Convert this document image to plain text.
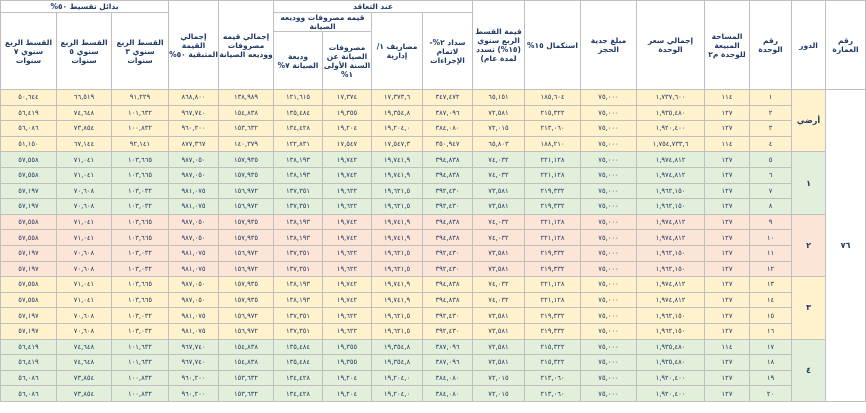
رقم العمارة	الدور	رقم الوحدة	المساحة المبيعة للوحدة م٢	إجمالي سعر الوحدة	مبلغ جدية الحجز	استكمال ١٥%	قيمة القسط الربع سنوي (١٥%) تسدد لمدة عام)	عند التعاقد				إجمالي قيمه مصروفات ووديعه الصيانة	إجمالي القيمة المتبقية ٥٠%	بدائل تقسيط ٥٠%		
								سداد ٢%- لاتمام الإجراءات	مصاريف ١/ إدارية	قيمه مصروفات ووديعه الصيانة				القسط الربع سنوي ٣ سنوات	القسط الربع سنوي ٥ سنوات	القسط الربع سنوي ٧ سنوات
										مصروفات الصيانة عن السنة الأولى ١%	وديعة الصيانة ٧%					
٧٦	أرضي	١	١١٤	١,٧٣٧,٦٠٠	٧٥,٠٠٠	١٨٥,٦٠٤	٦٥,١٥١	٣٤٧,٤٧٢	١٧,٣٧٣,٦	١٧,٣٧٤	١٢١,٦١٥	١٣٨,٩٨٩	٨٦٨,٨٠٠	٩١,٢٢٩	٦٦,٥١٩	٥٠,٦٤٤
		٢	١٢٧	١,٩٣٥,٤٨٠	٧٥,٠٠٠	٢١٥,٣٢٢	٧٢,٥٨١	٣٨٧,٠٩٦	١٩,٣٥٤,٨	١٩,٣٥٥	١٣٥,٤٨٤	١٥٤,٨٣٨	٩٦٧,٧٤٠	١٠١,٦٣٢	٧٤,٦٤٨	٥٦,٤١٩
		٣	١٢٧	١,٩٢٠,٤٠٠	٧٥,٠٠٠	٢١٣,٠٦٠	٧٢,٠١٥	٣٨٤,٠٨٠	١٩,٢٠٤,٠	١٩,٢٠٤	١٣٤,٤٢٨	١٥٣,٦٣٢	٩٦٠,٢٠٠	١٠٠,٨٣٢	٧٣,٨٥٤	٥٦,٠٨٦
		٤	١١٤	١,٧٥٤,٧٣٣,٦	٧٥,٠٠٠	١٨٨,٢١٠	٦٥,٨٠٣	٣٥٠,٩٤٧	١٧,٥٤٧,٣	١٧,٥٤٧	١٢٢,٨٣١	١٤٠,٣٧٩	٨٧٧,٣٦٧	٩٢,١٤١	٦٧,١٤٤	٥١,١٥٠
	١	٥	١٢٧	١,٩٧٤,٨١٢	٧٥,٠٠٠	٢٢١,١٢٨	٧٤,٠٣٢	٣٩٤,٨٣٨	١٩,٧٤١,٩	١٩,٧٤٢	١٣٨,١٩٣	١٥٧,٩٣٥	٩٨٧,٠٥٠	١٠٣,٦٦٥	٧١,٠٤١	٥٧,٥٥٨
		٦	١٢٧	١,٩٧٤,٨١٢	٧٥,٠٠٠	٢٢١,١٢٨	٧٤,٠٣٢	٣٩٤,٨٣٨	١٩,٧٤١,٩	١٩,٧٤٢	١٣٨,١٩٣	١٥٧,٩٣٥	٩٨٧,٠٥٠	١٠٣,٦٦٥	٧١,٠٤١	٥٧,٥٥٨
		٧	١٢٧	١,٩٦٢,١٥٠	٧٥,٠٠٠	٢١٩,٣٣٢	٧٣,٥٨١	٣٩٢,٤٣٠	١٩,٦٢١,٥	١٩,٦٢٢	١٣٧,٣٥١	١٥٦,٩٧٢	٩٨١,٠٧٥	١٠٣,٠٣٢	٧٠,٦٠٨	٥٧,١٩٧
		٨	١٢٧	١,٩٦٢,١٥٠	٧٥,٠٠٠	٢١٩,٣٣٢	٧٣,٥٨١	٣٩٢,٤٣٠	١٩,٦٢١,٥	١٩,٦٢٢	١٣٧,٣٥١	١٥٦,٩٧٢	٩٨١,٠٧٥	١٠٣,٠٣٢	٧٠,٦٠٨	٥٧,١٩٧
	٢	٩	١٢٧	١,٩٧٤,٨١٢	٧٥,٠٠٠	٢٢١,١٢٨	٧٤,٠٣٢	٣٩٤,٨٣٨	١٩,٧٤١,٩	١٩,٧٤٢	١٣٨,١٩٣	١٥٧,٩٣٥	٩٨٧,٠٥٠	١٠٣,٦٦٥	٧١,٠٤١	٥٧,٥٥٨
		١٠	١٢٧	١,٩٧٤,٨١٢	٧٥,٠٠٠	٢٢١,١٢٨	٧٤,٠٣٢	٣٩٤,٨٣٨	١٩,٧٤١,٩	١٩,٧٤٢	١٣٨,١٩٣	١٥٧,٩٣٥	٩٨٧,٠٥٠	١٠٣,٦٦٥	٧١,٠٤١	٥٧,٥٥٨
		١١	١٢٧	١,٩٦٢,١٥٠	٧٥,٠٠٠	٢١٩,٣٣٢	٧٣,٥٨١	٣٩٢,٤٣٠	١٩,٦٢١,٥	١٩,٦٢٢	١٣٧,٣٥١	١٥٦,٩٧٢	٩٨١,٠٧٥	١٠٣,٠٣٢	٧٠,٦٠٨	٥٧,١٩٧
		١٢	١٢٧	١,٩٦٢,١٥٠	٧٥,٠٠٠	٢١٩,٣٣٢	٧٣,٥٨١	٣٩٢,٤٣٠	١٩,٦٢١,٥	١٩,٦٢٢	١٣٧,٣٥١	١٥٦,٩٧٢	٩٨١,٠٧٥	١٠٣,٠٣٢	٧٠,٦٠٨	٥٧,١٩٧
	٣	١٣	١٢٧	١,٩٧٤,٨١٢	٧٥,٠٠٠	٢٢١,١٢٨	٧٤,٠٣٢	٣٩٤,٨٣٨	١٩,٧٤١,٩	١٩,٧٤٢	١٣٨,١٩٣	١٥٧,٩٣٥	٩٨٧,٠٥٠	١٠٣,٦٦٥	٧١,٠٤١	٥٧,٥٥٨
		١٤	١٢٧	١,٩٧٤,٨١٢	٧٥,٠٠٠	٢٢١,١٢٨	٧٤,٠٣٢	٣٩٤,٨٣٨	١٩,٧٤١,٩	١٩,٧٤٢	١٣٨,١٩٣	١٥٧,٩٣٥	٩٨٧,٠٥٠	١٠٣,٦٦٥	٧١,٠٤١	٥٧,٥٥٨
		١٥	١٢٧	١,٩٦٢,١٥٠	٧٥,٠٠٠	٢١٩,٣٣٢	٧٣,٥٨١	٣٩٢,٤٣٠	١٩,٦٢١,٥	١٩,٦٢٢	١٣٧,٣٥١	١٥٦,٩٧٢	٩٨١,٠٧٥	١٠٣,٠٣٢	٧٠,٦٠٨	٥٧,١٩٧
		١٦	١٢٧	١,٩٦٢,١٥٠	٧٥,٠٠٠	٢١٩,٣٣٢	٧٣,٥٨١	٣٩٢,٤٣٠	١٩,٦٢١,٥	١٩,٦٢٢	١٣٧,٣٥١	١٥٦,٩٧٢	٩٨١,٠٧٥	١٠٣,٠٣٢	٧٠,٦٠٨	٥٧,١٩٧
	٤	١٧	١١٤	١,٩٣٥,٤٨٠	٧٥,٠٠٠	٢١٥,٣٢٢	٧٢,٥٨١	٣٨٧,٠٩٦	١٩,٣٥٤,٨	١٩,٣٥٥	١٣٥,٤٨٤	١٥٤,٨٣٨	٩٦٧,٧٤٠	١٠١,٦٣٢	٧٤,٦٤٨	٥٦,٤١٩
		١٨	١٢٧	١,٩٣٥,٤٨٠	٧٥,٠٠٠	٢١٥,٣٢٢	٧٢,٥٨١	٣٨٧,٠٩٦	١٩,٣٥٤,٨	١٩,٣٥٥	١٣٥,٤٨٤	١٥٤,٨٣٨	٩٦٧,٧٤٠	١٠١,٦٣٢	٧٤,٦٤٨	٥٦,٤١٩
		١٩	١٢٧	١,٩٢٠,٤٠٠	٧٥,٠٠٠	٢١٣,٠٦٠	٧٢,٠١٥	٣٨٤,٠٨٠	١٩,٢٠٤,٠	١٩,٢٠٤	١٣٤,٤٢٨	١٥٣,٦٣٢	٩٦٠,٢٠٠	١٠٠,٨٣٢	٧٣,٨٥٤	٥٦,٠٨٦
		٢٠	١٢٧	١,٩٢٠,٤٠٠	٧٥,٠٠٠	٢١٣,٠٦٠	٧٢,٠١٥	٣٨٤,٠٨٠	١٩,٢٠٤,٠	١٩,٢٠٤	١٣٤,٤٢٨	١٥٣,٦٣٢	٩٦٠,٢٠٠	١٠٠,٨٣٢	٧٣,٨٥٤	٥٦,٠٨٦
